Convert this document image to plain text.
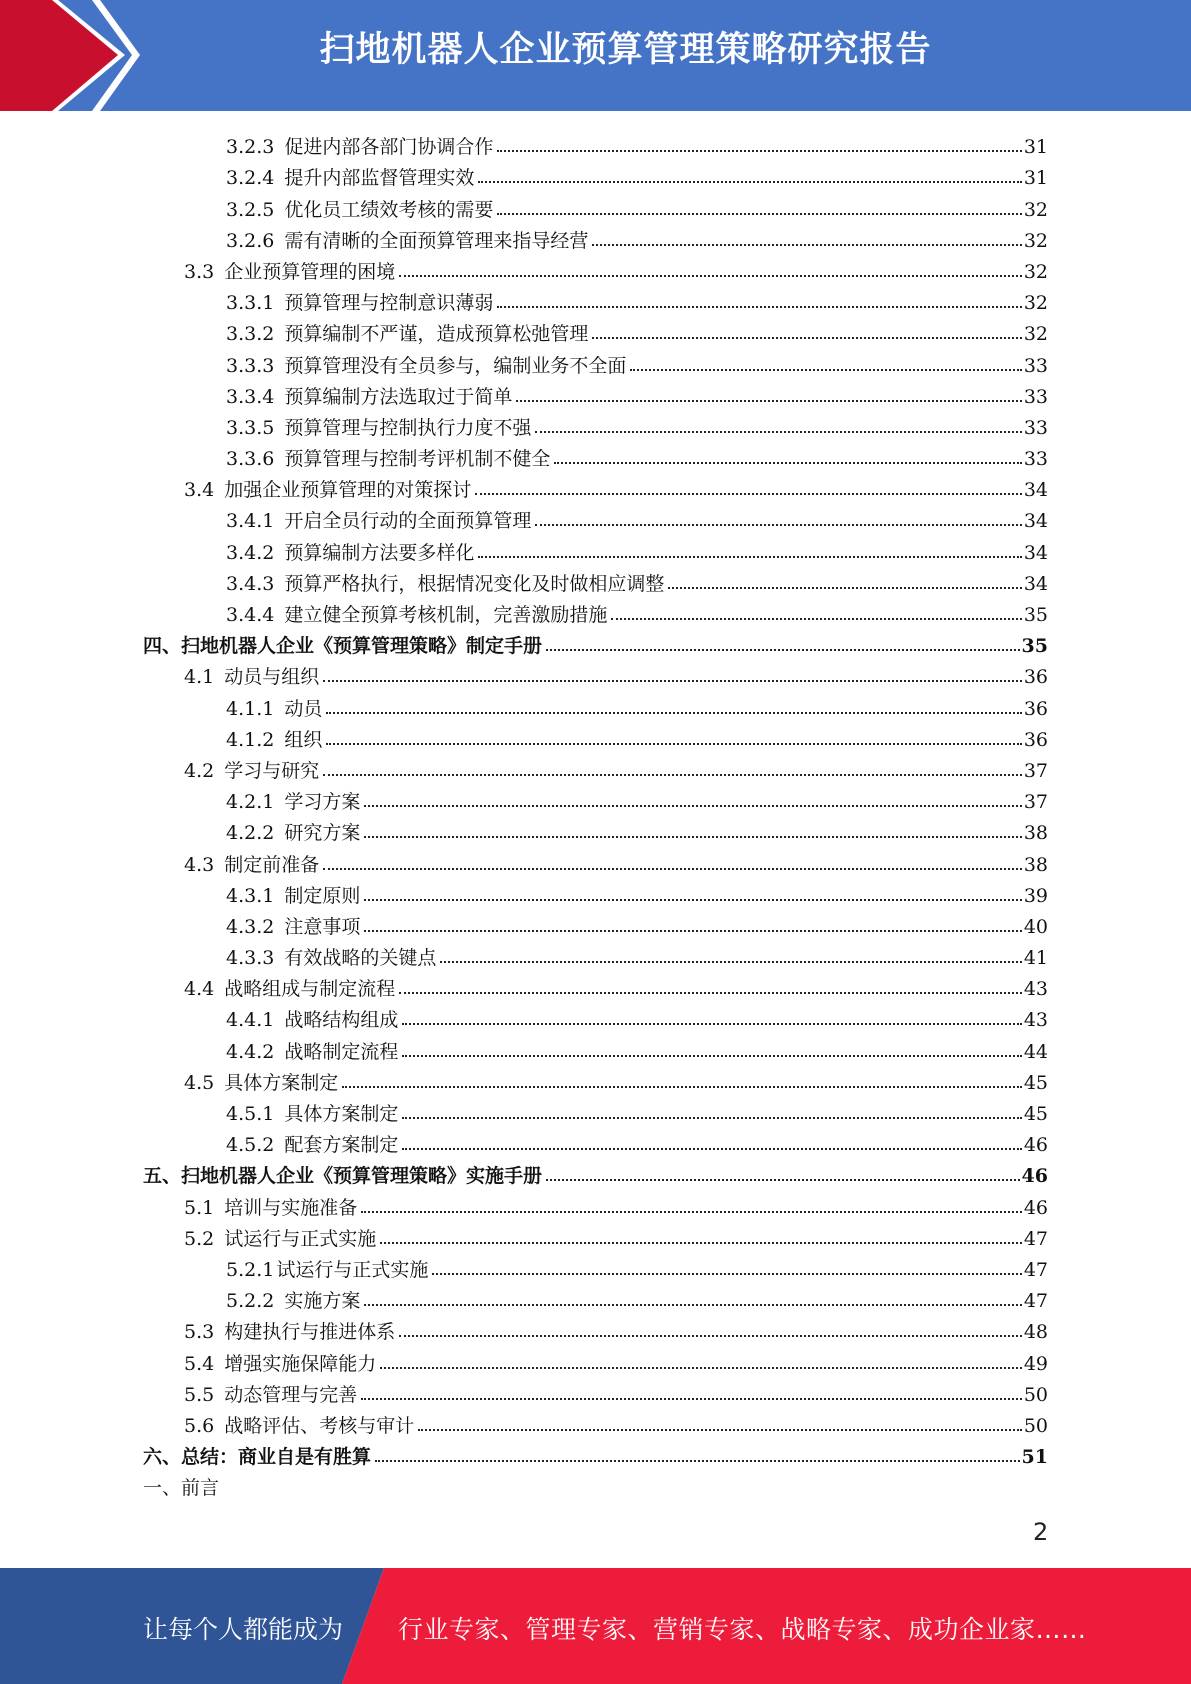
扫地机器人企业预算管理策略研究报告
3.2.3 促进内部各部门协调合作	31
3.2.4 提升内部监督管理实效	31
3.2.5 优化员工绩效考核的需要	32
3.2.6 需有清晰的全面预算管理来指导经营	32
3.3 企业预算管理的困境	32
3.3.1 预算管理与控制意识薄弱	32
3.3.2 预算编制不严谨，造成预算松弛管理	32
3.3.3 预算管理没有全员参与，编制业务不全面	33
3.3.4 预算编制方法选取过于简单	33
3.3.5 预算管理与控制执行力度不强	33
3.3.6 预算管理与控制考评机制不健全	33
3.4 加强企业预算管理的对策探讨	34
3.4.1 开启全员行动的全面预算管理	34
3.4.2 预算编制方法要多样化	34
3.4.3 预算严格执行，根据情况变化及时做相应调整	34
3.4.4 建立健全预算考核机制，完善激励措施	35
四、 扫地机器人企业《预算管理策略》制定手册	35
4.1 动员与组织	36
4.1.1 动员	36
4.1.2 组织	36
4.2 学习与研究	37
4.2.1 学习方案	37
4.2.2 研究方案	38
4.3 制定前准备	38
4.3.1 制定原则	39
4.3.2 注意事项	40
4.3.3 有效战略的关键点	41
4.4 战略组成与制定流程	43
4.4.1 战略结构组成	43
4.4.2 战略制定流程	44
4.5 具体方案制定	45
4.5.1 具体方案制定	45
4.5.2 配套方案制定	46
五、 扫地机器人企业《预算管理策略》实施手册	46
5.1 培训与实施准备	46
5.2 试运行与正式实施	47
5.2.1 试运行与正式实施	47
5.2.2 实施方案	47
5.3 构建执行与推进体系	48
5.4 增强实施保障能力	49
5.5 动态管理与完善	50
5.6 战略评估、考核与审计	50
六、 总结：商业自是有胜算	51
一、前言
2
让每个人都能成为 行业专家、管理专家、营销专家、战略专家、成功企业家……
